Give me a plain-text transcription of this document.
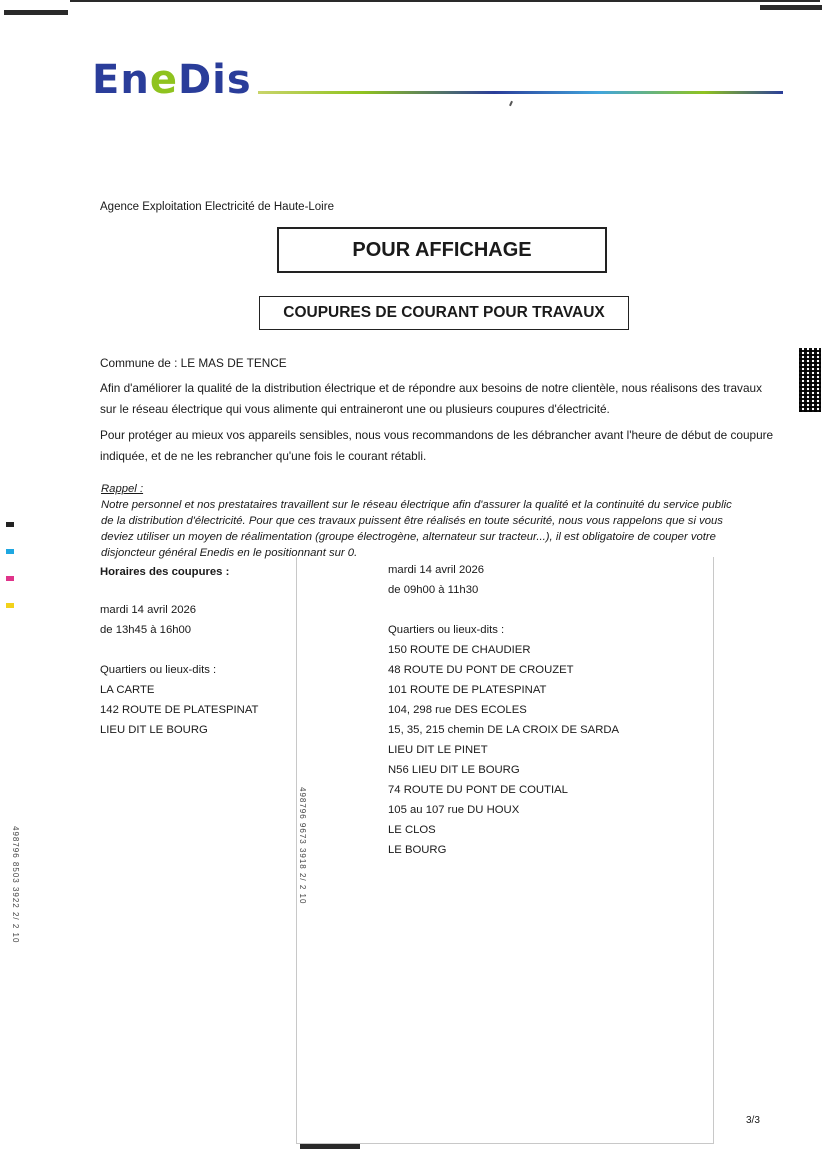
EneDis
Agence Exploitation Electricité de Haute-Loire
POUR AFFICHAGE
COUPURES DE COURANT POUR TRAVAUX
Commune de : LE MAS DE TENCE
Afin d'améliorer la qualité de la distribution électrique et de répondre aux besoins de notre clientèle, nous réalisons des travaux
sur le réseau électrique qui vous alimente qui entraineront une ou plusieurs coupures d'électricité.
Pour protéger au mieux vos appareils sensibles, nous vous recommandons de les débrancher avant l'heure de début de coupure
indiquée, et de ne les rebrancher qu'une fois le courant rétabli.
Rappel :
Notre personnel et nos prestataires travaillent sur le réseau électrique afin d'assurer la qualité et la continuité du service public
de la distribution d'électricité. Pour que ces travaux puissent être réalisés en toute sécurité, nous vous rappelons que si vous
deviez utiliser un moyen de réalimentation (groupe électrogène, alternateur sur tracteur...), il est obligatoire de couper votre
disjoncteur général Enedis en le positionnant sur 0.
Horaires des coupures :
mardi 14 avril 2026
de 13h45 à 16h00
Quartiers ou lieux-dits :
LA CARTE
142 ROUTE DE PLATESPINAT
LIEU DIT LE BOURG
mardi 14 avril 2026
de 09h00 à 11h30
Quartiers ou lieux-dits :
150 ROUTE DE CHAUDIER
48 ROUTE DU PONT DE CROUZET
101 ROUTE DE PLATESPINAT
104, 298 rue DES ECOLES
15, 35, 215 chemin DE LA CROIX DE SARDA
LIEU DIT LE PINET
N56 LIEU DIT LE BOURG
74 ROUTE DU PONT DE COUTIAL
105 au 107 rue DU HOUX
LE CLOS
LE BOURG
498796 8503 3922 2/ 2 10	498796 9673 3918 2/ 2 10
3/3
